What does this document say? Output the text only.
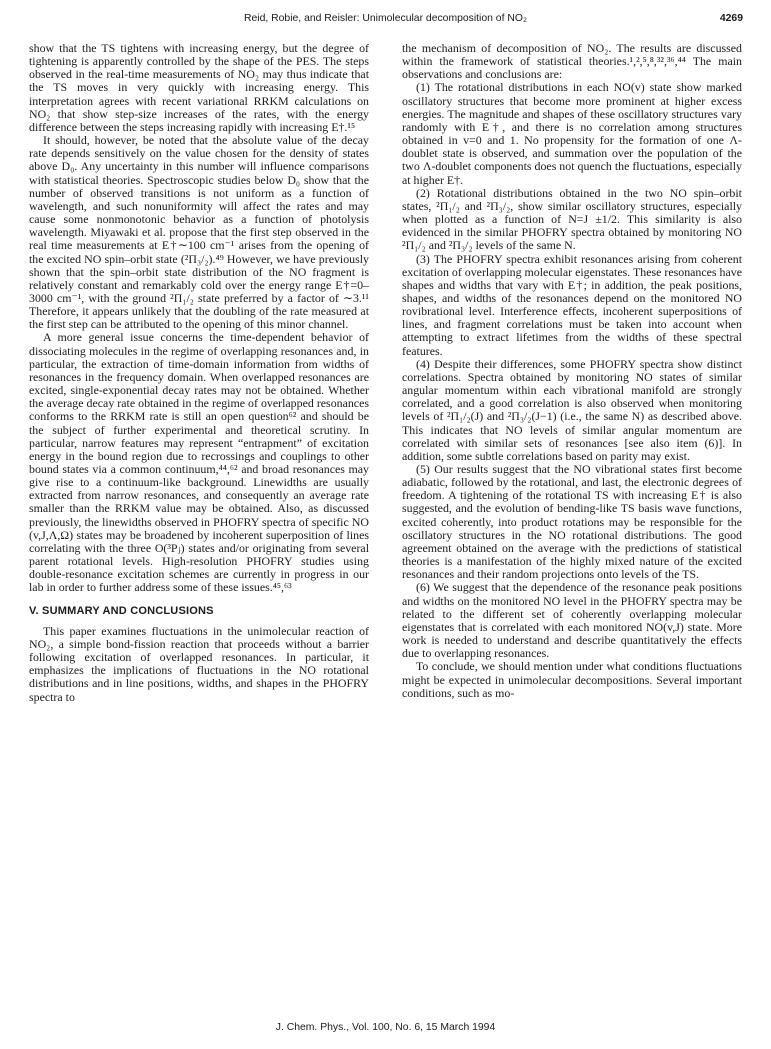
Reid, Robie, and Reisler: Unimolecular decomposition of NO₂	4269

show that the TS tightens with increasing energy, but the degree of tightening is apparently controlled by the shape of the PES. The steps observed in the real-time measurements of NO₂ may thus indicate that the TS moves in very quickly with increasing energy. This interpretation agrees with recent variational RRKM calculations on NO₂ that show step-size increases of the rates, with the energy difference between the steps increasing rapidly with increasing E†.¹⁵

It should, however, be noted that the absolute value of the decay rate depends sensitively on the value chosen for the density of states above D₀. Any uncertainty in this number will influence comparisons with statistical theories. Spectroscopic studies below D₀ show that the number of observed transitions is not uniform as a function of wavelength, and such nonuniformity will affect the rates and may cause some nonmonotonic behavior as a function of photolysis wavelength. Miyawaki et al. propose that the first step observed in the real time measurements at E†∼100 cm⁻¹ arises from the opening of the excited NO spin–orbit state (²Π₃/₂).⁴⁹ However, we have previously shown that the spin–orbit state distribution of the NO fragment is relatively constant and remarkably cold over the energy range E†=0–3000 cm⁻¹, with the ground ²Π₁/₂ state preferred by a factor of ∼3.¹¹ Therefore, it appears unlikely that the doubling of the rate measured at the first step can be attributed to the opening of this minor channel.

A more general issue concerns the time-dependent behavior of dissociating molecules in the regime of overlapping resonances and, in particular, the extraction of time-domain information from widths of resonances in the frequency domain. When overlapped resonances are excited, single-exponential decay rates may not be obtained. Whether the average decay rate obtained in the regime of overlapped resonances conforms to the RRKM rate is still an open question⁶² and should be the subject of further experimental and theoretical scrutiny. In particular, narrow features may represent “entrapment” of excitation energy in the bound region due to recrossings and couplings to other bound states via a common continuum,⁴⁴,⁶² and broad resonances may give rise to a continuum-like background. Linewidths are usually extracted from narrow resonances, and consequently an average rate smaller than the RRKM value may be obtained. Also, as discussed previously, the linewidths observed in PHOFRY spectra of specific NO (v,J,Λ,Ω) states may be broadened by incoherent superposition of lines correlating with the three O(³Pⱼ) states and/or originating from several parent rotational levels. High-resolution PHOFRY studies using double-resonance excitation schemes are currently in progress in our lab in order to further address some of these issues.⁴⁵,⁶³

V. SUMMARY AND CONCLUSIONS

This paper examines fluctuations in the unimolecular reaction of NO₂, a simple bond-fission reaction that proceeds without a barrier following excitation of overlapped resonances. In particular, it emphasizes the implications of fluctuations in the NO rotational distributions and in line positions, widths, and shapes in the PHOFRY spectra to

the mechanism of decomposition of NO₂. The results are discussed within the framework of statistical theories.¹,²,⁵,⁸,³²,³⁶,⁴⁴ The main observations and conclusions are:

(1) The rotational distributions in each NO(v) state show marked oscillatory structures that become more prominent at higher excess energies. The magnitude and shapes of these oscillatory structures vary randomly with E†, and there is no correlation among structures obtained in v=0 and 1. No propensity for the formation of one Λ-doublet state is observed, and summation over the population of the two Λ-doublet components does not quench the fluctuations, especially at higher E†.

(2) Rotational distributions obtained in the two NO spin–orbit states, ²Π₁/₂ and ²Π₃/₂, show similar oscillatory structures, especially when plotted as a function of N=J ±1/2. This similarity is also evidenced in the similar PHOFRY spectra obtained by monitoring NO ²Π₁/₂ and ²Π₃/₂ levels of the same N.

(3) The PHOFRY spectra exhibit resonances arising from coherent excitation of overlapping molecular eigenstates. These resonances have shapes and widths that vary with E†; in addition, the peak positions, shapes, and widths of the resonances depend on the monitored NO rovibrational level. Interference effects, incoherent superpositions of lines, and fragment correlations must be taken into account when attempting to extract lifetimes from the widths of these spectral features.

(4) Despite their differences, some PHOFRY spectra show distinct correlations. Spectra obtained by monitoring NO states of similar angular momentum within each vibrational manifold are strongly correlated, and a good correlation is also observed when monitoring levels of ²Π₁/₂(J) and ²Π₃/₂(J−1) (i.e., the same N) as described above. This indicates that NO levels of similar angular momentum are correlated with similar sets of resonances [see also item (6)]. In addition, some subtle correlations based on parity may exist.

(5) Our results suggest that the NO vibrational states first become adiabatic, followed by the rotational, and last, the electronic degrees of freedom. A tightening of the rotational TS with increasing E† is also suggested, and the evolution of bending-like TS basis wave functions, excited coherently, into product rotations may be responsible for the oscillatory structures in the NO rotational distributions. The good agreement obtained on the average with the predictions of statistical theories is a manifestation of the highly mixed nature of the excited resonances and their random projections onto levels of the TS.

(6) We suggest that the dependence of the resonance peak positions and widths on the monitored NO level in the PHOFRY spectra may be related to the different set of coherently overlapping molecular eigenstates that is correlated with each monitored NO(v,J) state. More work is needed to understand and describe quantitatively the effects due to overlapping resonances.

To conclude, we should mention under what conditions fluctuations might be expected in unimolecular decompositions. Several important conditions, such as mo-

J. Chem. Phys., Vol. 100, No. 6, 15 March 1994
